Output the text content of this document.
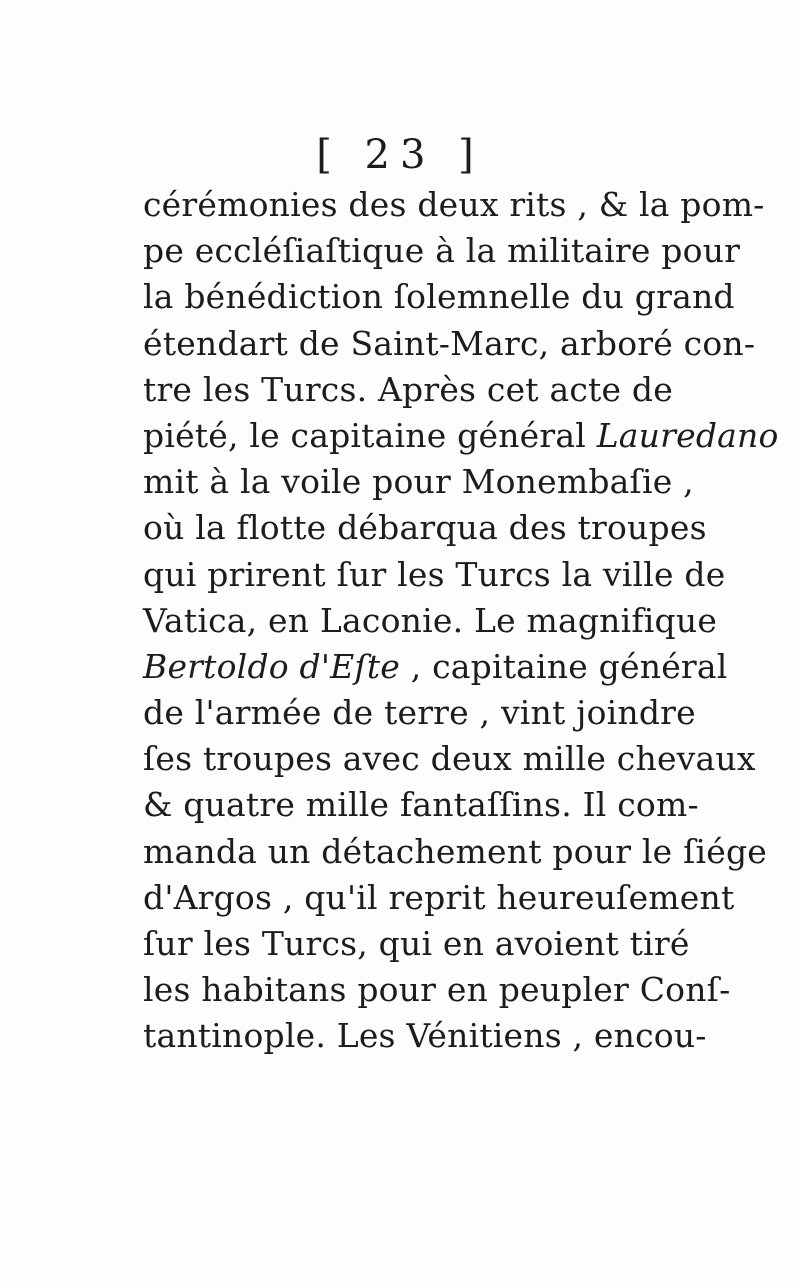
[ 23 ]
cérémonies des deux rits , & la pom-
pe eccléſiaſtique à la militaire pour
la bénédiction ſolemnelle du grand
étendart de Saint-Marc, arboré con-
tre les Turcs. Après cet acte de
piété, le capitaine général Lauredano
mit à la voile pour Monembaſie ,
où la flotte débarqua des troupes
qui prirent ſur les Turcs la ville de
Vatica, en Laconie. Le magnifique
Bertoldo d'Eſte , capitaine général
de l'armée de terre , vint joindre
ſes troupes avec deux mille chevaux
& quatre mille fantaſſins. Il com-
manda un détachement pour le ſiége
d'Argos , qu'il reprit heureuſement
ſur les Turcs, qui en avoient tiré
les habitans pour en peupler Conſ-
tantinople. Les Vénitiens , encou-
